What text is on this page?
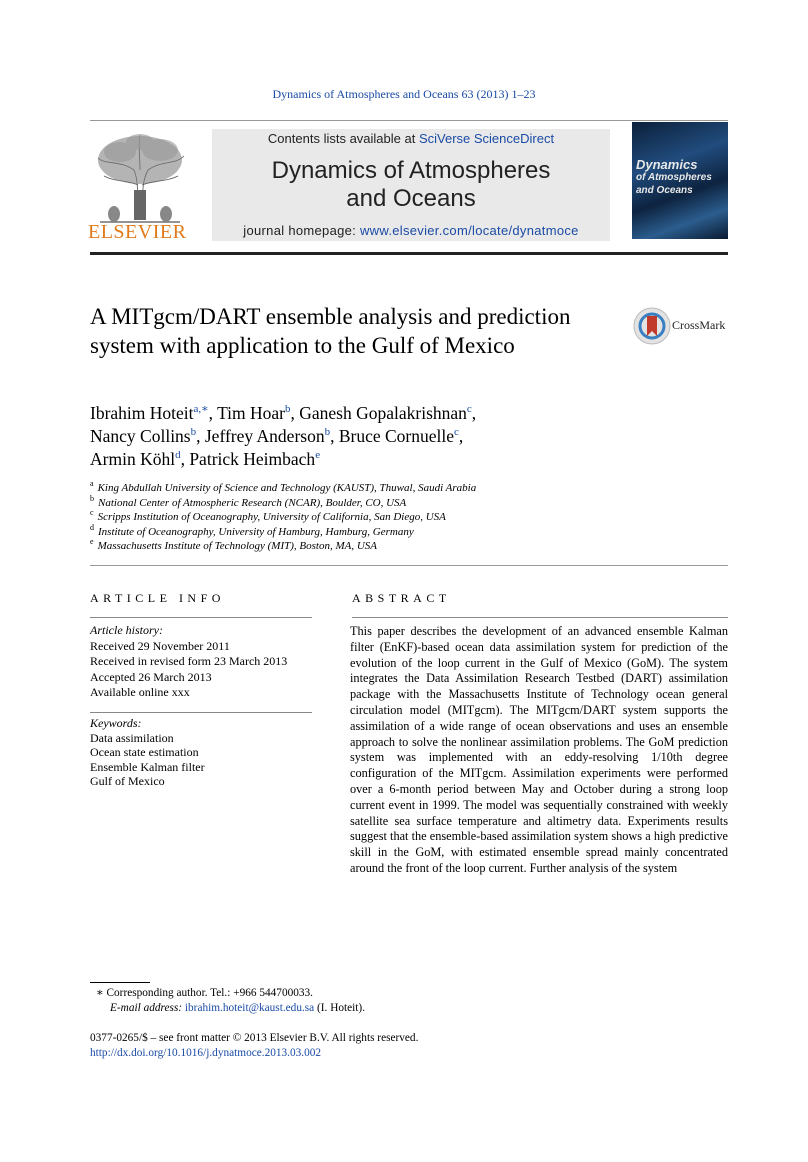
Dynamics of Atmospheres and Oceans 63 (2013) 1–23
ELSEVIER
Contents lists available at SciVerse ScienceDirect
Dynamics of Atmospheres
and Oceans
journal homepage: www.elsevier.com/locate/dynatmoce
Dynamics
of Atmospheres
and Oceans
A MITgcm/DART ensemble analysis and prediction system with application to the Gulf of Mexico
CrossMark
Ibrahim Hoteit$^{a,∗}$, Tim Hoar$^b$, Ganesh Gopalakrishnan$^c$,
Nancy Collins$^b$, Jeffrey Anderson$^b$, Bruce Cornuelle$^c$,
Armin Köhl$^d$, Patrick Heimbach$^e$
$^a$ King Abdullah University of Science and Technology (KAUST), Thuwal, Saudi Arabia
$^b$ National Center of Atmospheric Research (NCAR), Boulder, CO, USA
$^c$ Scripps Institution of Oceanography, University of California, San Diego, USA
$^d$ Institute of Oceanography, University of Hamburg, Hamburg, Germany
$^e$ Massachusetts Institute of Technology (MIT), Boston, MA, USA
ARTICLE INFO	ABSTRACT
Article history:
Received 29 November 2011
Received in revised form 23 March 2013
Accepted 26 March 2013
Available online xxx
Keywords:
Data assimilation
Ocean state estimation
Ensemble Kalman filter
Gulf of Mexico

This paper describes the development of an advanced ensemble Kalman filter (EnKF)-based ocean data assimilation system for prediction of the evolution of the loop current in the Gulf of Mexico (GoM). The system integrates the Data Assimilation Research Testbed (DART) assimilation package with the Massachusetts Institute of Technology ocean general circulation model (MITgcm). The MITgcm/DART system supports the assimilation of a wide range of ocean observations and uses an ensemble approach to solve the nonlinear assimilation problems. The GoM prediction system was implemented with an eddy-resolving 1/10th degree configuration of the MITgcm. Assimilation experiments were performed over a 6-month period between May and October during a strong loop current event in 1999. The model was sequentially constrained with weekly satellite sea surface temperature and altimetry data. Experiments results suggest that the ensemble-based assimilation system shows a high predictive skill in the GoM, with estimated ensemble spread mainly concentrated around the front of the loop current. Further analysis of the system

∗ Corresponding author. Tel.: +966 544700033.
E-mail address: ibrahim.hoteit@kaust.edu.sa (I. Hoteit).
0377-0265/$ – see front matter © 2013 Elsevier B.V. All rights reserved.
http://dx.doi.org/10.1016/j.dynatmoce.2013.03.002
